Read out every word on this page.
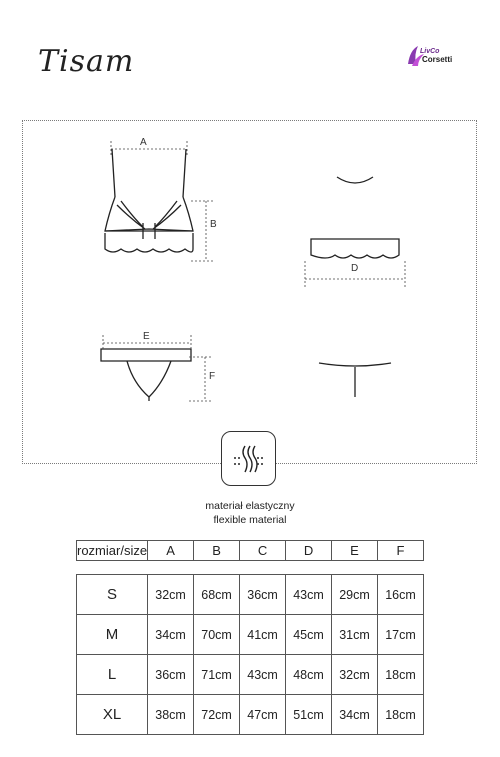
Tisam	LivCo
Corsetti
A
B
D
E
F
materiał elastyczny
flexible material
rozmiar/size	A	B	C	D	E	F

S	32cm	68cm	36cm	43cm	29cm	16cm
M	34cm	70cm	41cm	45cm	31cm	17cm
L	36cm	71cm	43cm	48cm	32cm	18cm
XL	38cm	72cm	47cm	51cm	34cm	18cm
